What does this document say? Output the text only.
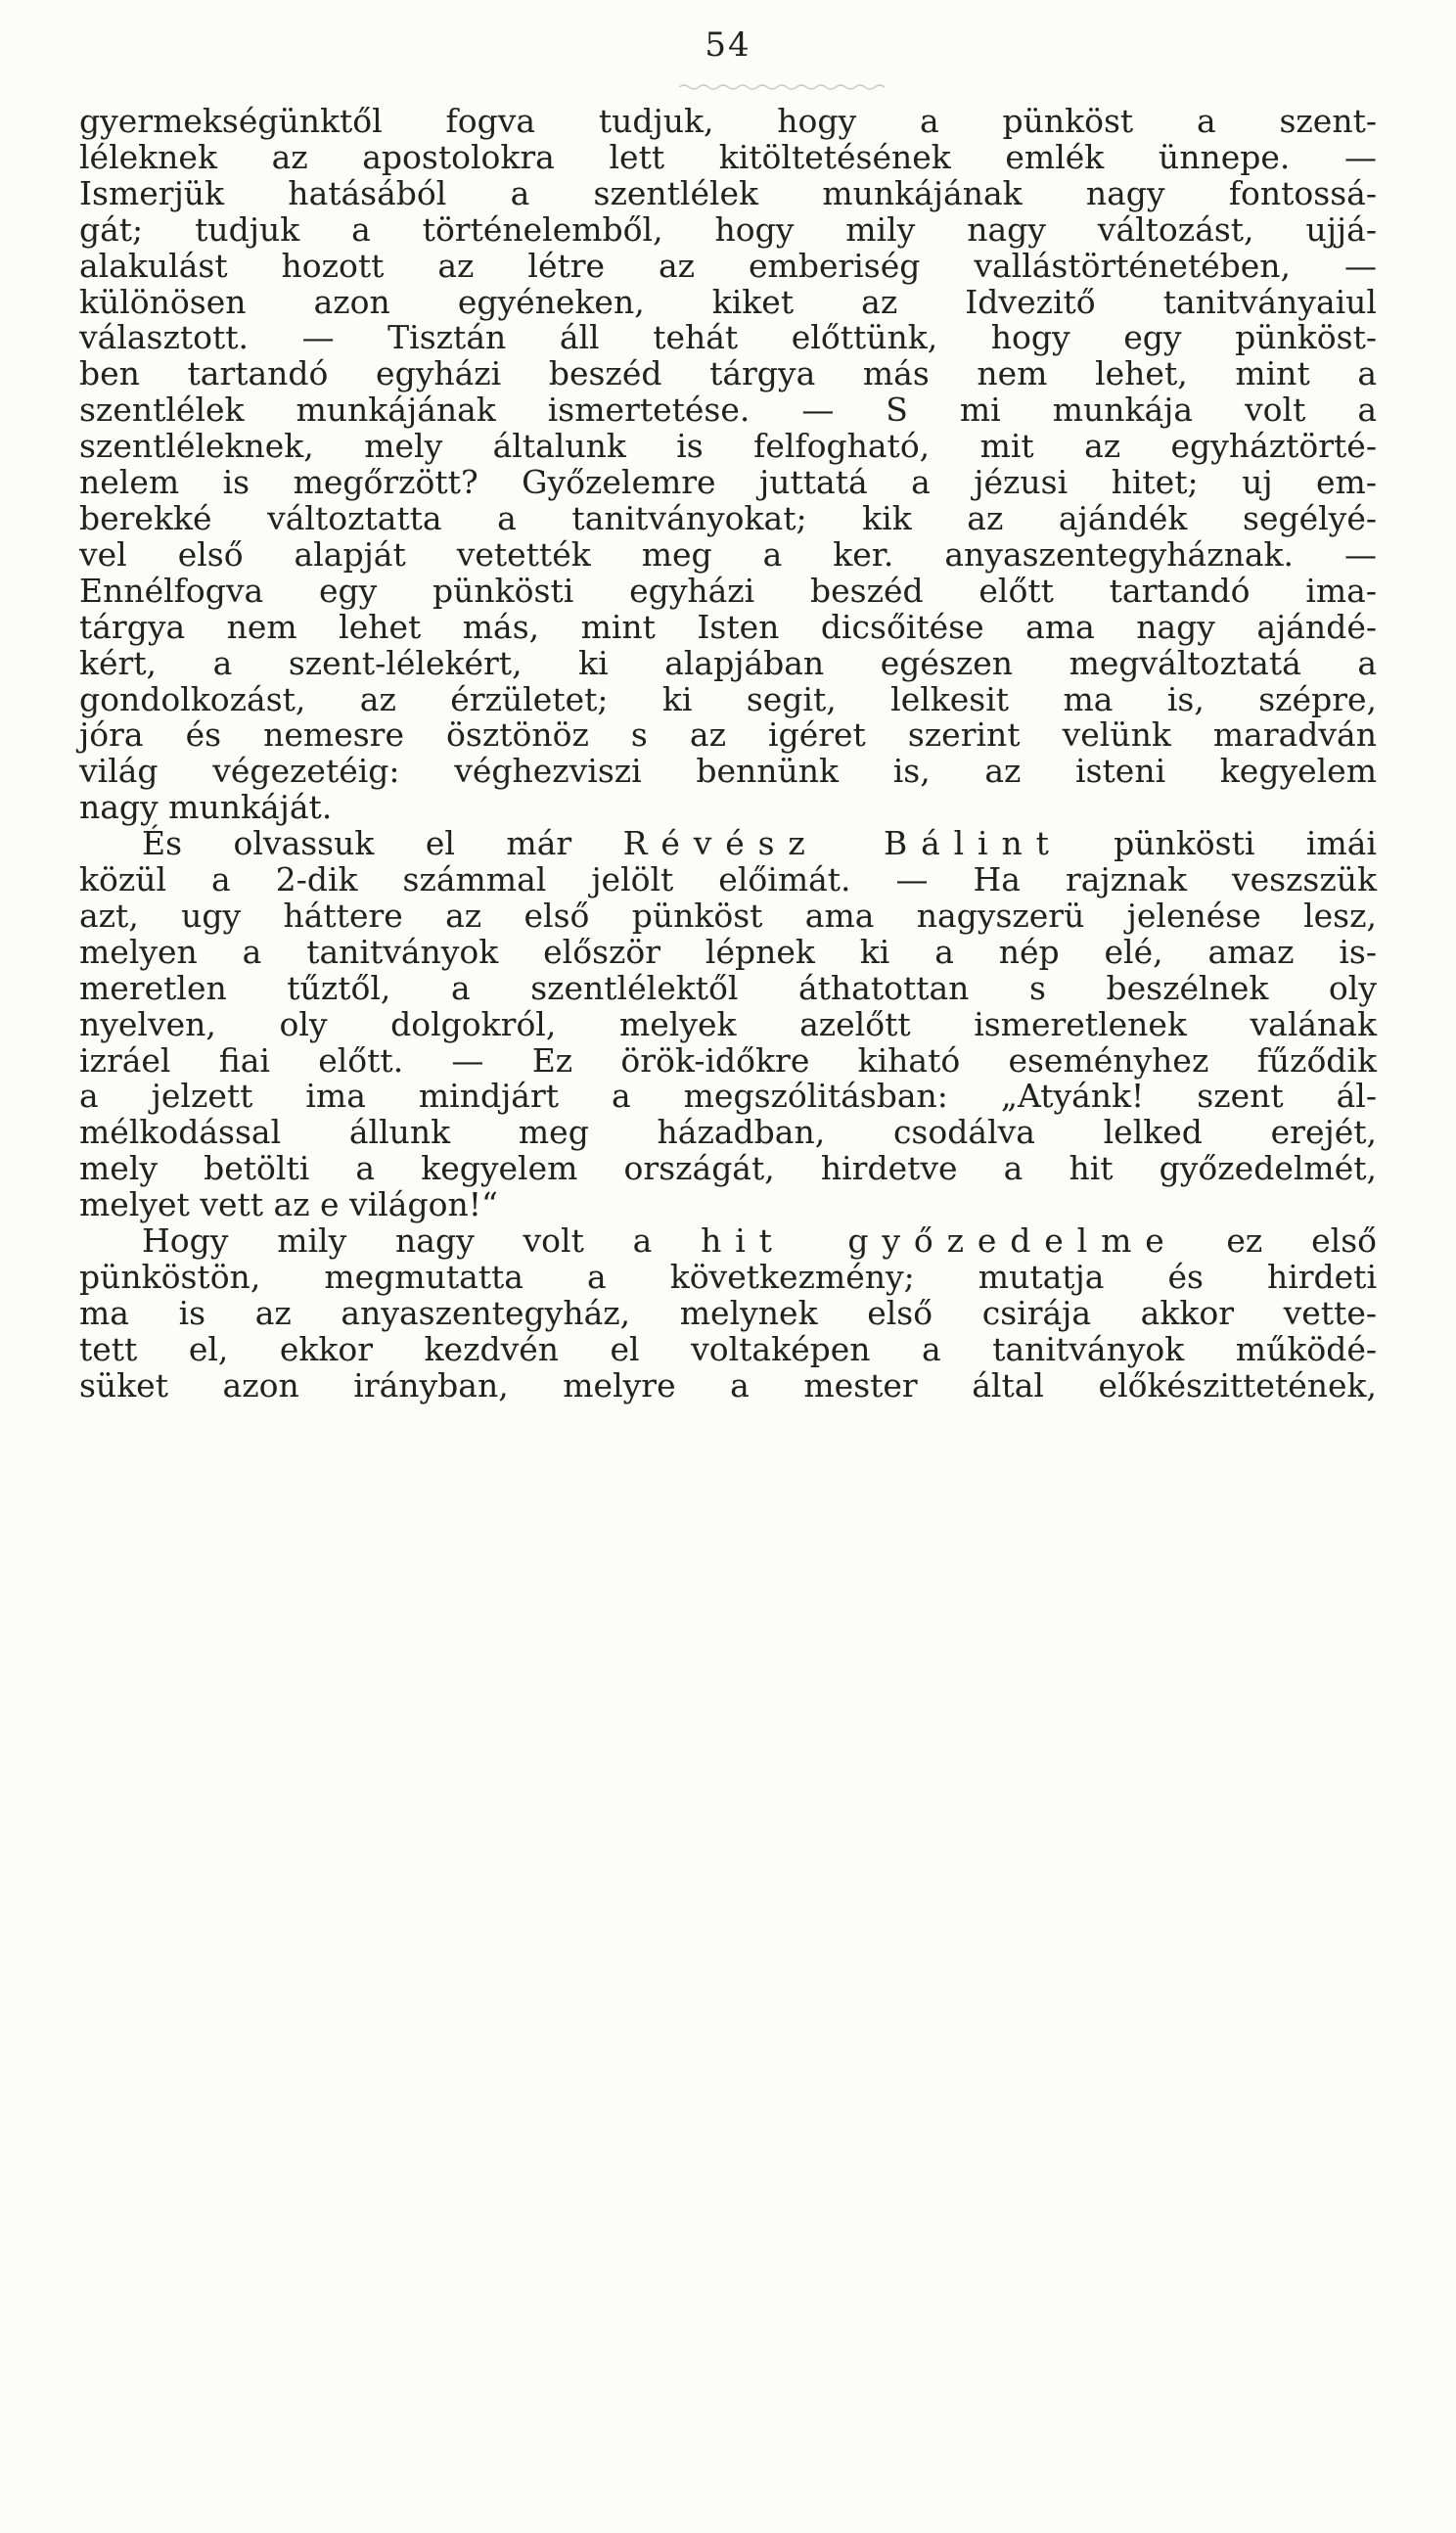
54
gyermekségünktől fogva tudjuk, hogy a pünköst a szent-
léleknek az apostolokra lett kitöltetésének emlék ünnepe. —
Ismerjük hatásából a szentlélek munkájának nagy fontossá-
gát; tudjuk a történelemből, hogy mily nagy változást, ujjá-
alakulást hozott az létre az emberiség vallástörténetében, —
különösen azon egyéneken, kiket az Idvezitő tanitványaiul
választott. — Tisztán áll tehát előttünk, hogy egy pünköst-
ben tartandó egyházi beszéd tárgya más nem lehet, mint a
szentlélek munkájának ismertetése. — S mi munkája volt a
szentléleknek, mely általunk is felfogható, mit az egyháztörté-
nelem is megőrzött? Győzelemre juttatá a jézusi hitet; uj em-
berekké változtatta a tanitványokat; kik az ajándék segélyé-
vel első alapját vetették meg a ker. anyaszentegyháznak. —
Ennélfogva egy pünkösti egyházi beszéd előtt tartandó ima-
tárgya nem lehet más, mint Isten dicsőitése ama nagy ajándé-
kért, a szent-lélekért, ki alapjában egészen megváltoztatá a
gondolkozást, az érzületet; ki segit, lelkesit ma is, szépre,
jóra és nemesre ösztönöz s az igéret szerint velünk maradván
világ végezetéig: véghezviszi bennünk is, az isteni kegyelem
nagy munkáját.
És olvassuk el már Révész Bálint pünkösti imái
közül a 2-dik számmal jelölt előimát. — Ha rajznak veszszük
azt, ugy háttere az első pünköst ama nagyszerü jelenése lesz,
melyen a tanitványok először lépnek ki a nép elé, amaz is-
meretlen tűztől, a szentlélektől áthatottan s beszélnek oly
nyelven, oly dolgokról, melyek azelőtt ismeretlenek valának
izráel fiai előtt. — Ez örök-időkre kiható eseményhez fűződik
a jelzett ima mindjárt a megszólitásban: „Atyánk! szent ál-
mélkodással állunk meg házadban, csodálva lelked erejét,
mely betölti a kegyelem országát, hirdetve a hit győzedelmét,
melyet vett az e világon!“
Hogy mily nagy volt a hit győzedelme ez első
pünköstön, megmutatta a következmény; mutatja és hirdeti
ma is az anyaszentegyház, melynek első csirája akkor vette-
tett el, ekkor kezdvén el voltaképen a tanitványok működé-
süket azon irányban, melyre a mester által előkészittetének,
